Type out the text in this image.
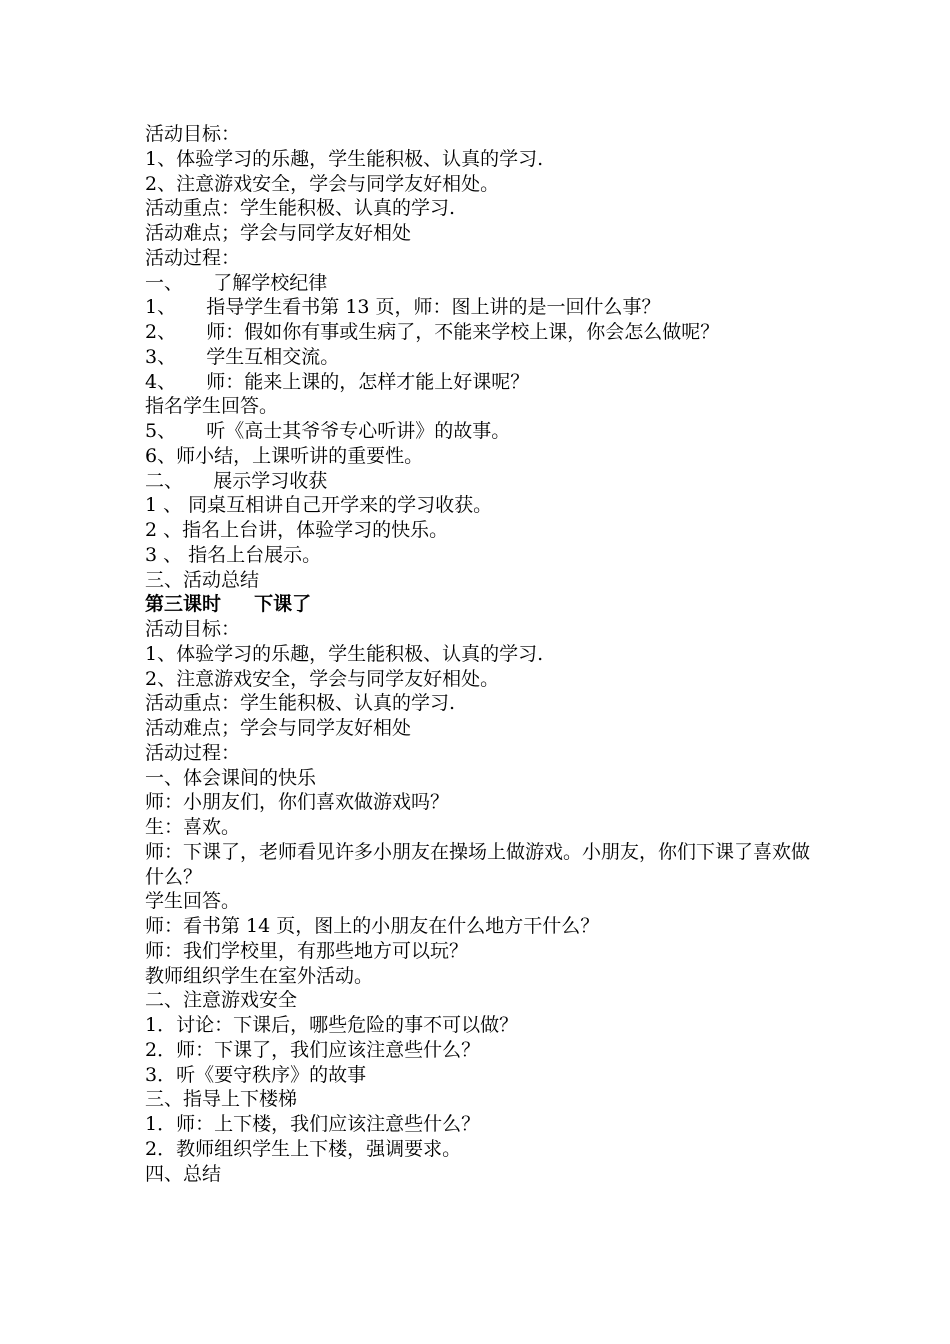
活动目标：

1、体验学习的乐趣，学生能积极、认真的学习.

2、注意游戏安全，学会与同学友好相处。

活动重点：学生能积极、认真的学习.

活动难点；学会与同学友好相处

活动过程：

一、     了解学校纪律

1、     指导学生看书第 13 页，师：图上讲的是一回什么事？

2、     师：假如你有事或生病了，不能来学校上课，你会怎么做呢？

3、     学生互相交流。

4、     师：能来上课的，怎样才能上好课呢？

指名学生回答。

5、     听《高士其爷爷专心听讲》的故事。

6、师小结，上课听讲的重要性。

二、     展示学习收获

1 、 同桌互相讲自己开学来的学习收获。

2 、指名上台讲，体验学习的快乐。

3 、 指名上台展示。

三、活动总结

第三课时     下课了

活动目标：

1、体验学习的乐趣，学生能积极、认真的学习.

2、注意游戏安全，学会与同学友好相处。

活动重点：学生能积极、认真的学习.

活动难点；学会与同学友好相处

活动过程：

一、体会课间的快乐

师：小朋友们，你们喜欢做游戏吗？

生：喜欢。

师：下课了，老师看见许多小朋友在操场上做游戏。小朋友，你们下课了喜欢做什么？

学生回答。

师：看书第 14 页，图上的小朋友在什么地方干什么？

师：我们学校里，有那些地方可以玩？

教师组织学生在室外活动。

二、注意游戏安全

1．讨论：下课后，哪些危险的事不可以做？

2．师：下课了，我们应该注意些什么？

3．听《要守秩序》的故事

三、指导上下楼梯

1．师：上下楼，我们应该注意些什么？

2．教师组织学生上下楼，强调要求。

四、总结
